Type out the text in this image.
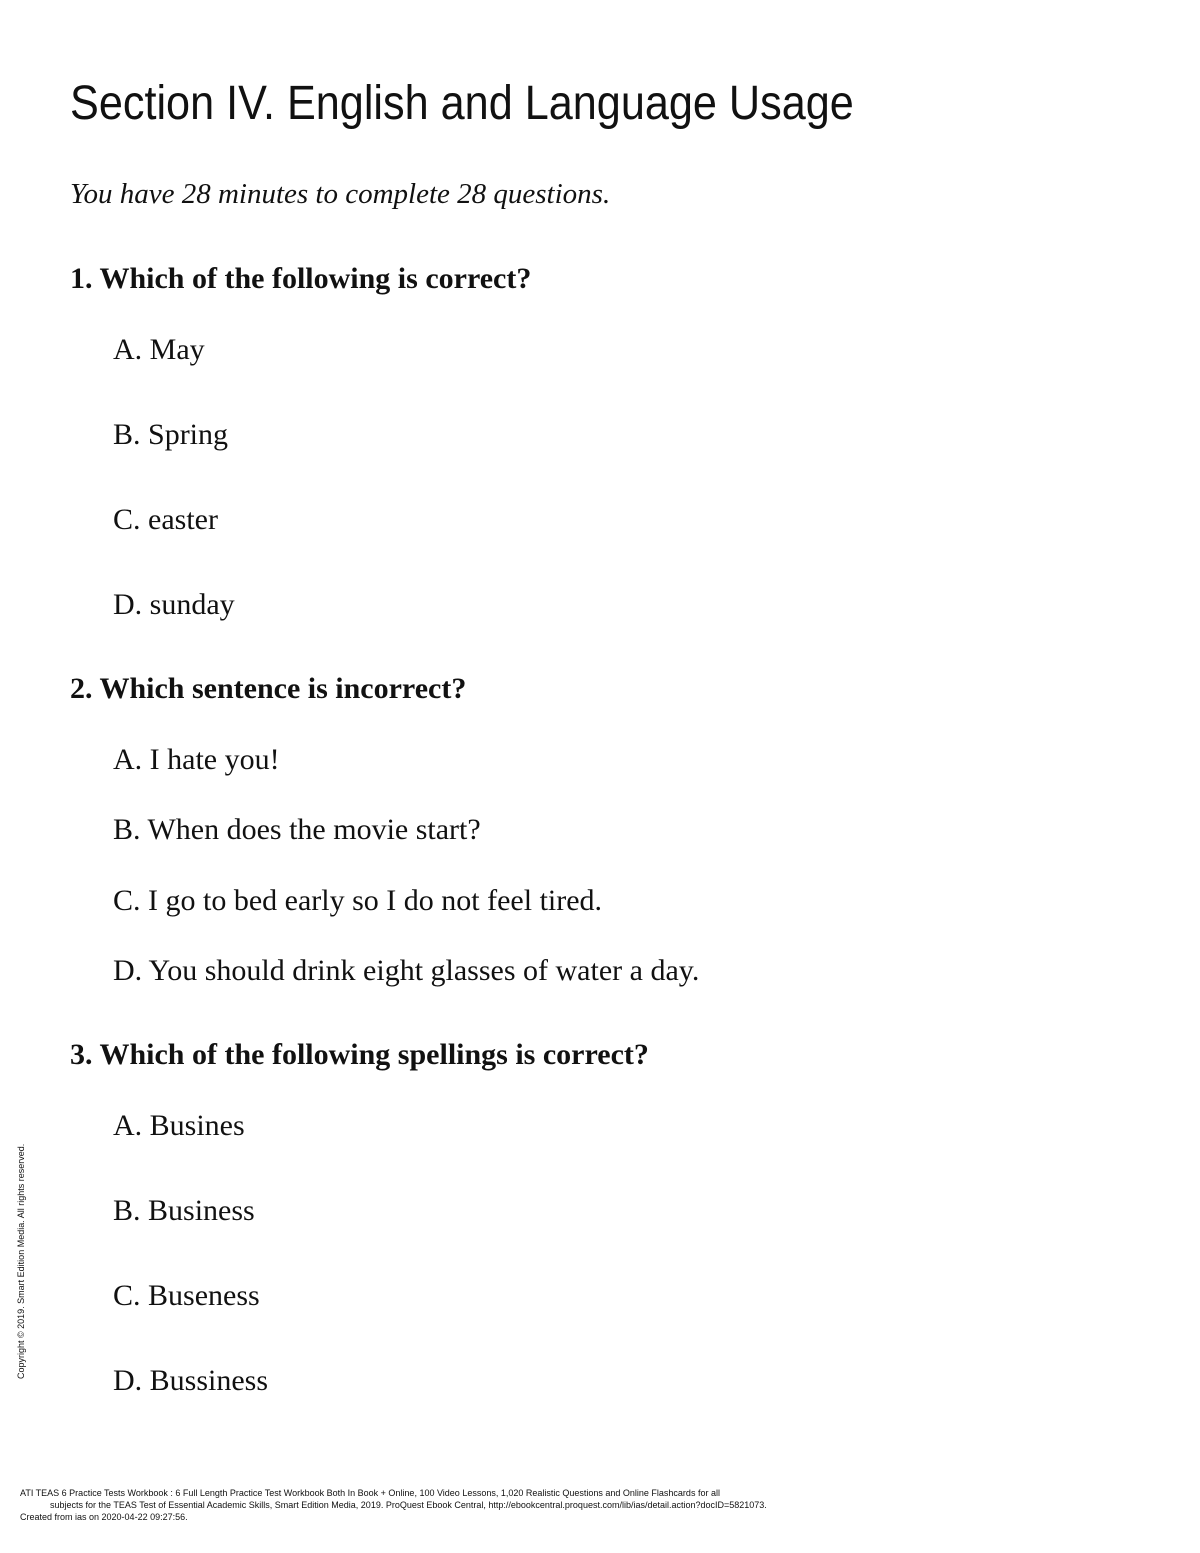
Section IV. English and Language Usage

You have 28 minutes to complete 28 questions.

1. Which of the following is correct?

A. May

B. Spring

C. easter

D. sunday

2. Which sentence is incorrect?

A. I hate you!

B. When does the movie start?

C. I go to bed early so I do not feel tired.

D. You should drink eight glasses of water a day.

3. Which of the following spellings is correct?

A. Busines

B. Business

C. Buseness

D. Bussiness

Copyright © 2019. Smart Edition Media. All rights reserved.
ATI TEAS 6 Practice Tests Workbook : 6 Full Length Practice Test Workbook Both In Book + Online, 100 Video Lessons, 1,020 Realistic Questions and Online Flashcards for all
subjects for the TEAS Test of Essential Academic Skills, Smart Edition Media, 2019. ProQuest Ebook Central, http://ebookcentral.proquest.com/lib/ias/detail.action?docID=5821073.
Created from ias on 2020-04-22 09:27:56.
